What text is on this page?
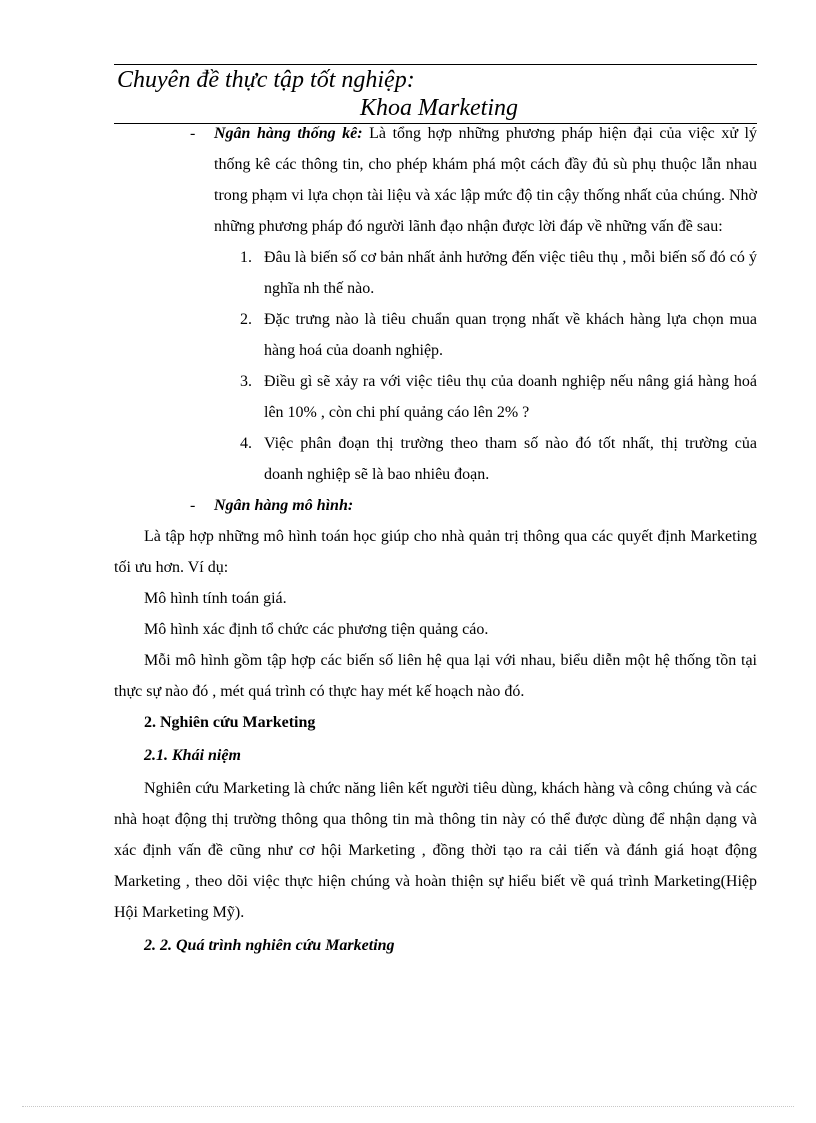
Chuyên đề thực tập tốt nghiệp:
Khoa Marketing
- Ngân hàng thống kê: Là tổng hợp những phương pháp hiện đại của việc xử lý thống kê các thông tin, cho phép khám phá một cách đầy đủ sù phụ thuộc lẫn nhau trong phạm vi lựa chọn tài liệu và xác lập mức độ tin cậy thống nhất của chúng. Nhờ những phương pháp đó người lãnh đạo nhận được lời đáp về những vấn đề sau:
1. Đâu là biến số cơ bản nhất ảnh hưởng đến việc tiêu thụ , mỗi biến số đó có ý nghĩa nh thế nào.
2. Đặc trưng nào là tiêu chuẩn quan trọng nhất về khách hàng lựa chọn mua hàng hoá của doanh nghiệp.
3. Điều gì sẽ xảy ra với việc tiêu thụ của doanh nghiệp nếu nâng giá hàng hoá lên 10% , còn chi phí quảng cáo lên 2% ?
4. Việc phân đoạn thị trường theo tham số nào đó tốt nhất, thị trường của doanh nghiệp sẽ là bao nhiêu đoạn.
- Ngân hàng mô hình:
Là tập hợp những mô hình toán học giúp cho nhà quản trị thông qua các quyết định Marketing tối ưu hơn. Ví dụ:
Mô hình tính toán giá.
Mô hình xác định tổ chức các phương tiện quảng cáo.
Mỗi mô hình gồm tập hợp các biến số liên hệ qua lại với nhau, biểu diễn một hệ thống tồn tại thực sự nào đó , mét quá trình có thực hay mét kế hoạch nào đó.
2. Nghiên cứu Marketing
2.1. Khái niệm
Nghiên cứu Marketing là chức năng liên kết người tiêu dùng, khách hàng và công chúng và các nhà hoạt động thị trường thông qua thông tin mà thông tin này có thể được dùng để nhận dạng và xác định vấn đề cũng như cơ hội Marketing , đồng thời tạo ra cải tiến và đánh giá hoạt động Marketing , theo dõi việc thực hiện chúng và hoàn thiện sự hiểu biết về quá trình Marketing(Hiệp Hội Marketing Mỹ).
2. 2. Quá trình nghiên cứu Marketing
